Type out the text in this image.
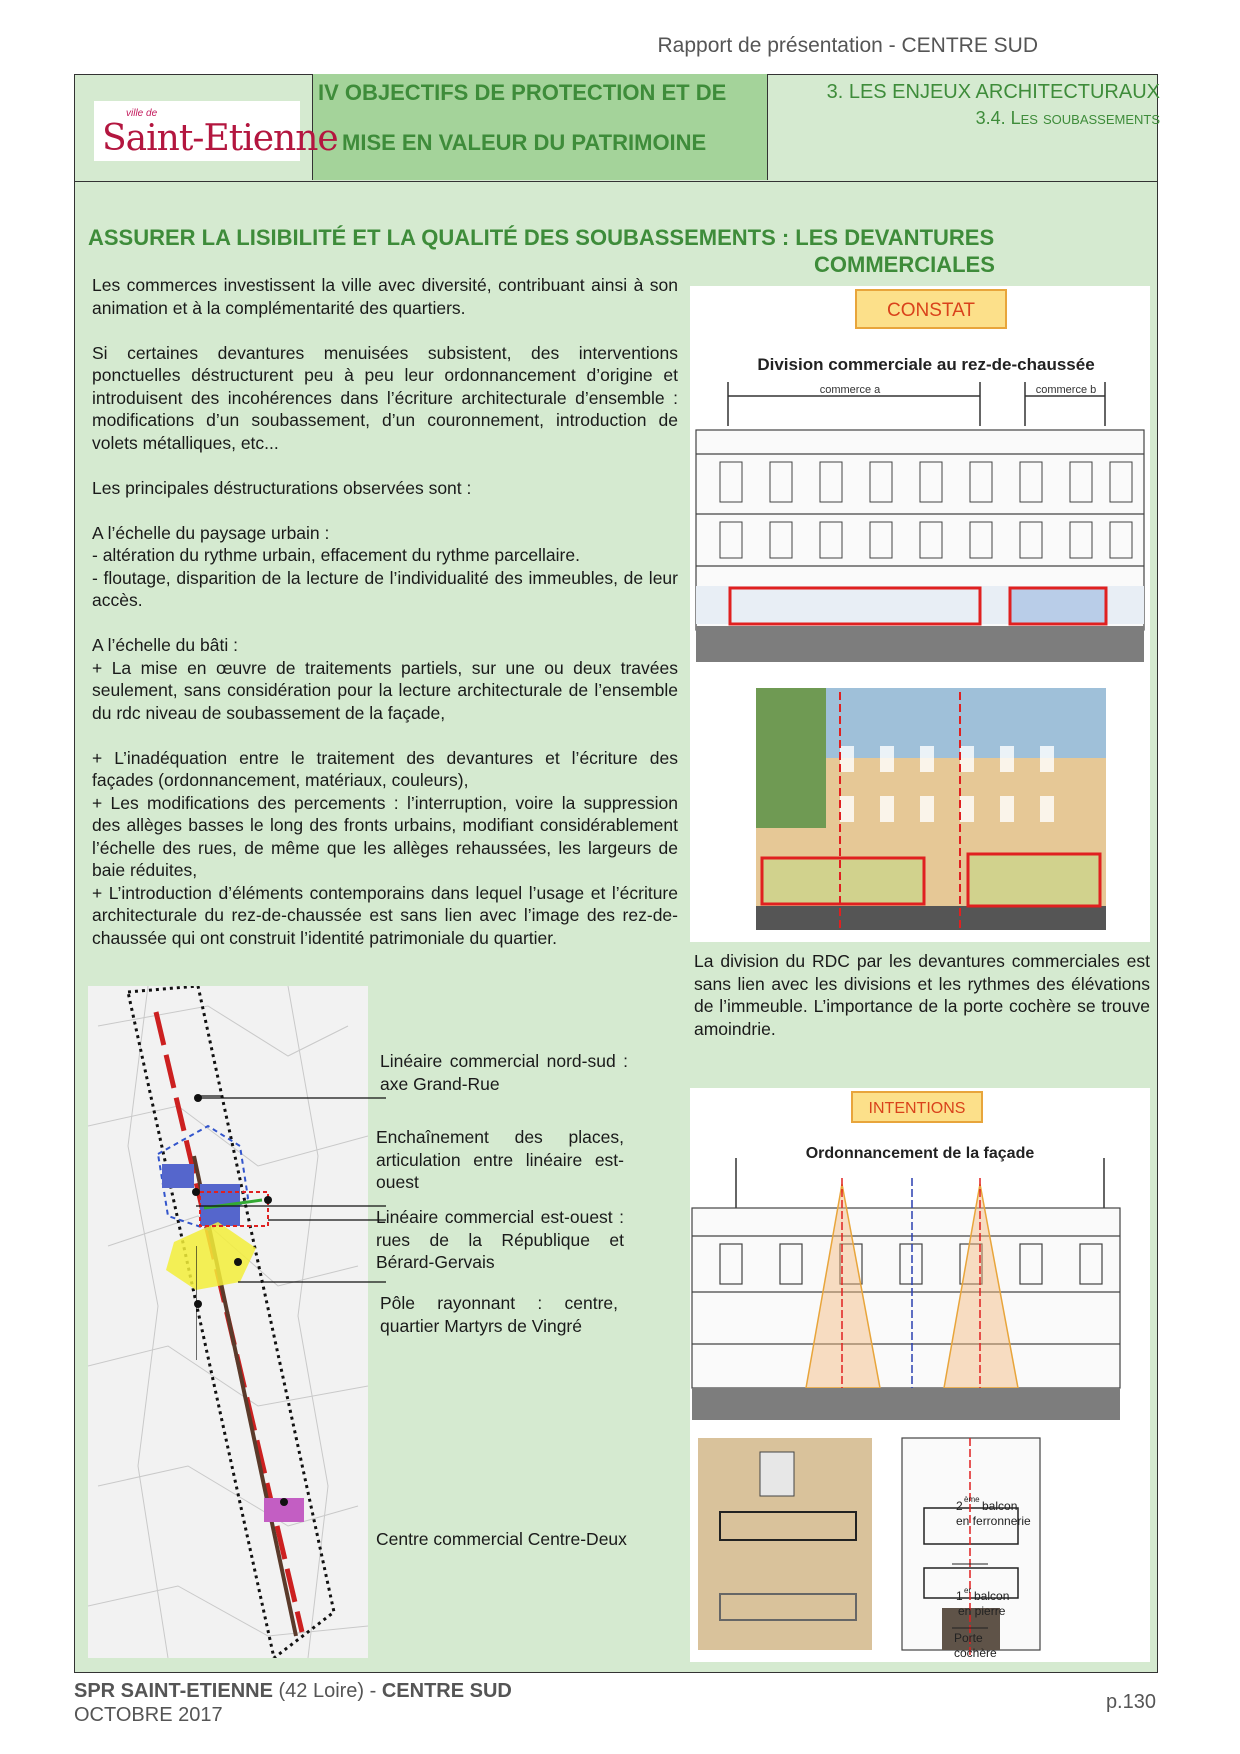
Rapport de présentation - CENTRE SUD
ville de
Saint-Etienne
IV OBJECTIFS DE PROTECTION ET DE
MISE EN VALEUR DU PATRIMOINE
3. LES ENJEUX ARCHITECTURAUX
3.4. Les soubassements
ASSURER LA LISIBILITÉ ET LA QUALITÉ DES SOUBASSEMENTS : LES DEVANTURES
COMMERCIALES

Les commerces investissent la ville avec diversité, contribuant ainsi à son animation et à la complémentarité des quartiers.

Si certaines devantures menuisées subsistent, des interventions ponctuelles déstructurent peu à peu leur ordonnancement d’origine et introduisent des incohérences dans l’écriture architecturale d’ensemble : modifications d’un soubassement, d’un couronnement, introduction de volets métalliques, etc...

Les principales déstructurations observées sont :

A l’échelle du paysage urbain :

- altération du rythme urbain, effacement du rythme parcellaire.

- floutage, disparition de la lecture de l’individualité des immeubles, de leur accès.

A l’échelle du bâti :

+ La mise en œuvre de traitements partiels, sur une ou deux travées seulement, sans considération pour la lecture architecturale de l’ensemble du rdc niveau de soubassement de la façade,

+ L’inadéquation entre le traitement des devantures et l’écriture des façades (ordonnancement, matériaux, couleurs),

+ Les modifications des percements : l’interruption, voire la suppression des allèges basses le long des fronts urbains, modifiant considérablement l’échelle des rues, de même que les allèges rehaussées, les largeurs de baie réduites,

+ L’introduction d’éléments contemporains dans lequel l’usage et l’écriture architecturale du rez-de-chaussée est sans lien avec l’image des rez-de-chaussée qui ont construit l’identité patrimoniale du quartier.

CONSTAT
Division commerciale au rez-de-chaussée
commerce a	commerce b
La division du RDC par les devantures commerciales est sans lien avec les divisions et les rythmes des élévations de l’immeuble. L’importance de la porte cochère se trouve amoindrie.
INTENTIONS
Ordonnancement de la façade
2 ème balcon
en ferronnerie
1 er balcon
en pierre
Porte
cochère
Linéaire commercial nord-sud : axe Grand-Rue
Enchaînement des places, articulation entre linéaire est-ouest
Linéaire commercial est-ouest : rues de la République et Bérard-Gervais
Pôle rayonnant : centre, quartier Martyrs de Vingré
Centre commercial Centre-Deux
SPR SAINT-ETIENNE (42 Loire) - CENTRE SUD
OCTOBRE 2017
p.130
